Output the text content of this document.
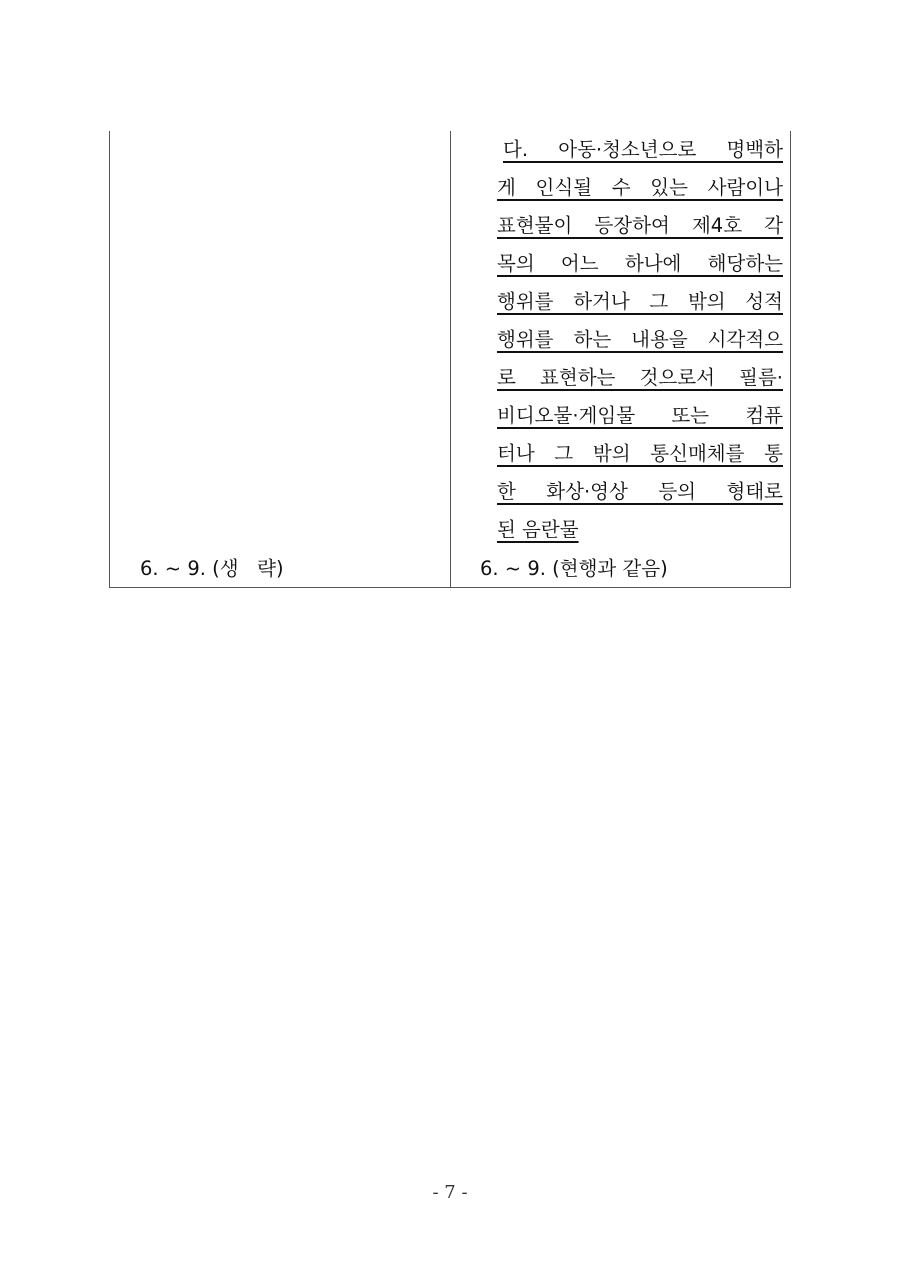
6. ~ 9. (생   략)
다. 아동·청소년으로 명백하
게 인식될 수 있는 사람이나
표현물이 등장하여 제4호 각
목의 어느 하나에 해당하는
행위를 하거나 그 밖의 성적
행위를 하는 내용을 시각적으
로 표현하는 것으로서 필름·
비디오물·게임물 또는 컴퓨
터나 그 밖의 통신매체를 통
한 화상·영상 등의 형태로
된 음란물
6. ~ 9. (현행과 같음)
- 7 -
